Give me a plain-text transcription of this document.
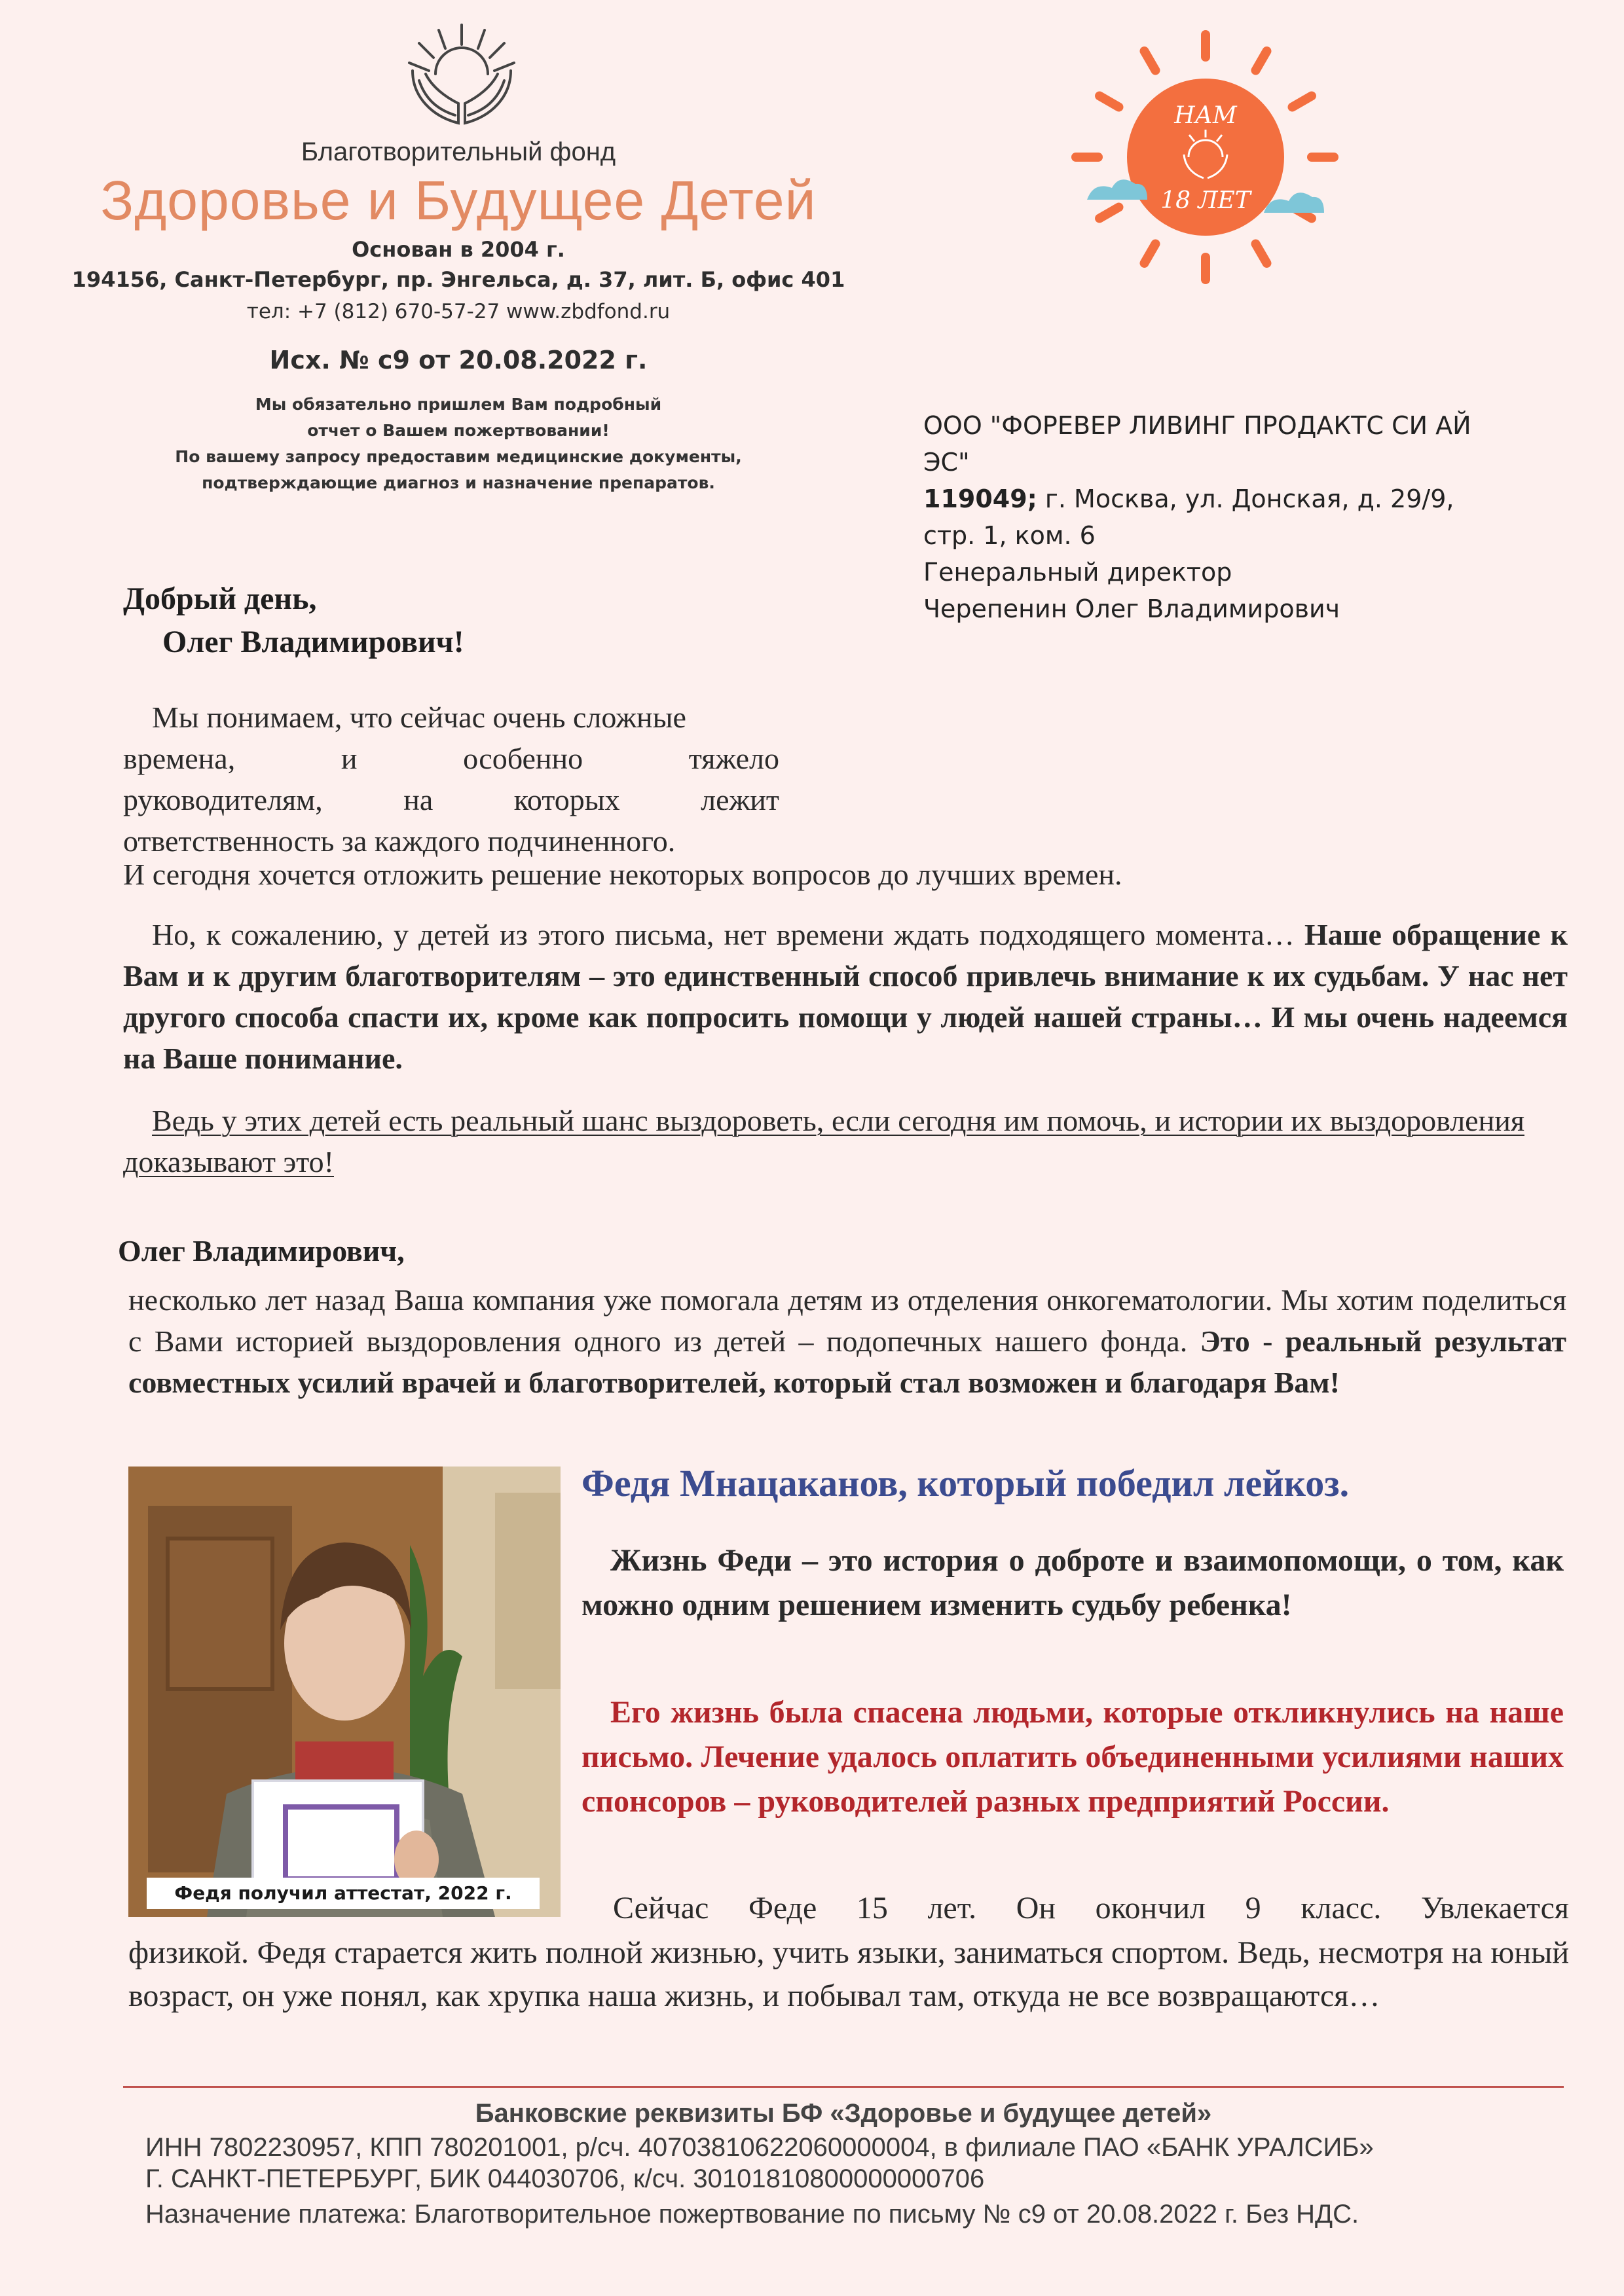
Благотворительный фонд
Здоровье и Будущее Детей
Основан в 2004 г.
194156, Санкт-Петербург, пр. Энгельса, д. 37, лит. Б, офис 401
тел: +7 (812) 670-57-27 www.zbdfond.ru
Исх. № с9 от 20.08.2022 г.
Мы обязательно пришлем Вам подробный
отчет о Вашем пожертвовании!
По вашему запросу предоставим медицинские документы,
подтверждающие диагноз и назначение препаратов.
НАМ
18 ЛЕТ
ООО "ФОРЕВЕР ЛИВИНГ ПРОДАКТС СИ АЙ
ЭС"
119049; г. Москва, ул. Донская, д. 29/9,
стр. 1, ком. 6
Генеральный директор
Черепенин Олег Владимирович
Добрый день,
Олег Владимирович!
Мы понимаем, что сейчас очень сложные
времена, и особенно тяжело
руководителям, на которых лежит
ответственность за каждого подчиненного.
И сегодня хочется отложить решение некоторых вопросов до лучших времен.
Но, к сожалению, у детей из этого письма, нет времени ждать подходящего момента… Наше обращение к Вам и к другим благотворителям – это единственный способ привлечь внимание к их судьбам. У нас нет другого способа спасти их, кроме как попросить помощи у людей нашей страны… И мы очень надеемся на Ваше понимание.
Ведь у этих детей есть реальный шанс выздороветь, если сегодня им помочь, и истории их выздоровления доказывают это!
Олег Владимирович,
несколько лет назад Ваша компания уже помогала детям из отделения онкогематологии. Мы хотим поделиться с Вами историей выздоровления одного из детей – подопечных нашего фонда. Это - реальный результат совместных усилий врачей и благотворителей, который стал возможен и благодаря Вам!
Федя получил аттестат, 2022 г.
Федя Мнацаканов, который победил лейкоз.
Жизнь Феди – это история о доброте и взаимопомощи, о том, как можно одним решением изменить судьбу ребенка!
Его жизнь была спасена людьми, которые откликнулись на наше письмо. Лечение удалось оплатить объединенными усилиями наших спонсоров – руководителей разных предприятий России.
Сейчас Феде 15 лет. Он окончил 9 класс. Увлекается
физикой. Федя старается жить полной жизнью, учить языки, заниматься спортом. Ведь, несмотря на юный возраст, он уже понял, как хрупка наша жизнь, и побывал там, откуда не все возвращаются…
Банковские реквизиты БФ «Здоровье и будущее детей»
ИНН 7802230957, КПП 780201001, р/сч. 40703810622060000004, в филиале ПАО «БАНК УРАЛСИБ»
Г. САНКТ-ПЕТЕРБУРГ, БИК 044030706, к/сч. 30101810800000000706
Назначение платежа: Благотворительное пожертвование по письму № с9 от 20.08.2022 г. Без НДС.
